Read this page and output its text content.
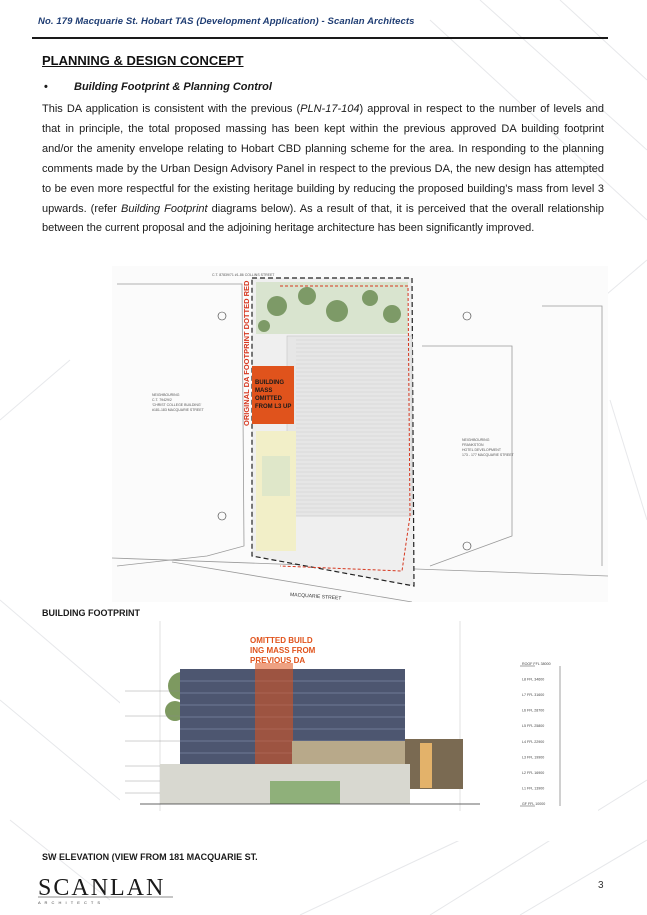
No. 179 Macquarie St. Hobart TAS (Development Application) - Scanlan Architects
PLANNING & DESIGN CONCEPT
• Building Footprint & Planning Control
This DA application is consistent with the previous (PLN-17-104) approval in respect to the number of levels and that in principle, the total proposed massing has been kept within the previous approved DA building footprint and/or the amenity envelope relating to Hobart CBD planning scheme for the area. In responding to the planning comments made by the Urban Design Advisory Panel in respect to the previous DA, the new design has attempted to be even more respectful for the existing heritage building by reducing the proposed building’s mass from level 3 upwards. (refer Building Footprint diagrams below). As a result of that, it is perceived that the overall relationship between the current proposal and the adjoining heritage architecture has been significantly improved.
BUILDING
MASS
OMITTED
FROM L3 UP
ORIGINAL DA FOOTPRINT DOTTED RED
MACQUARIE STREET
NEIGHBOURING
C.T. 79429/2
'CHRIST COLLEGE BUILDING'
#181-183 MACQUARIE STREET
NEIGHBOURING
FRANKSTON
HOTEL DEVELOPMENT
173 - 177 MACQUARIE STREET
C.T. 87839/71 #1-86 COLLINS STREET
BUILDING FOOTPRINT
OMITTED BUILD
ING MASS FROM
PREVIOUS DA	ROOF FFL 38000
L8 FFL 34600
L7 FFL 31600
L6 FFL 28700
L5 FFL 25800
L4 FFL 22900
L3 FFL 19900
L2 FFL 16900
L1 FFL 13900
GF FFL 10000
SW ELEVATION (VIEW FROM 181 MACQUARIE ST.
SCANLAN
A R C H I T E C T S
3
